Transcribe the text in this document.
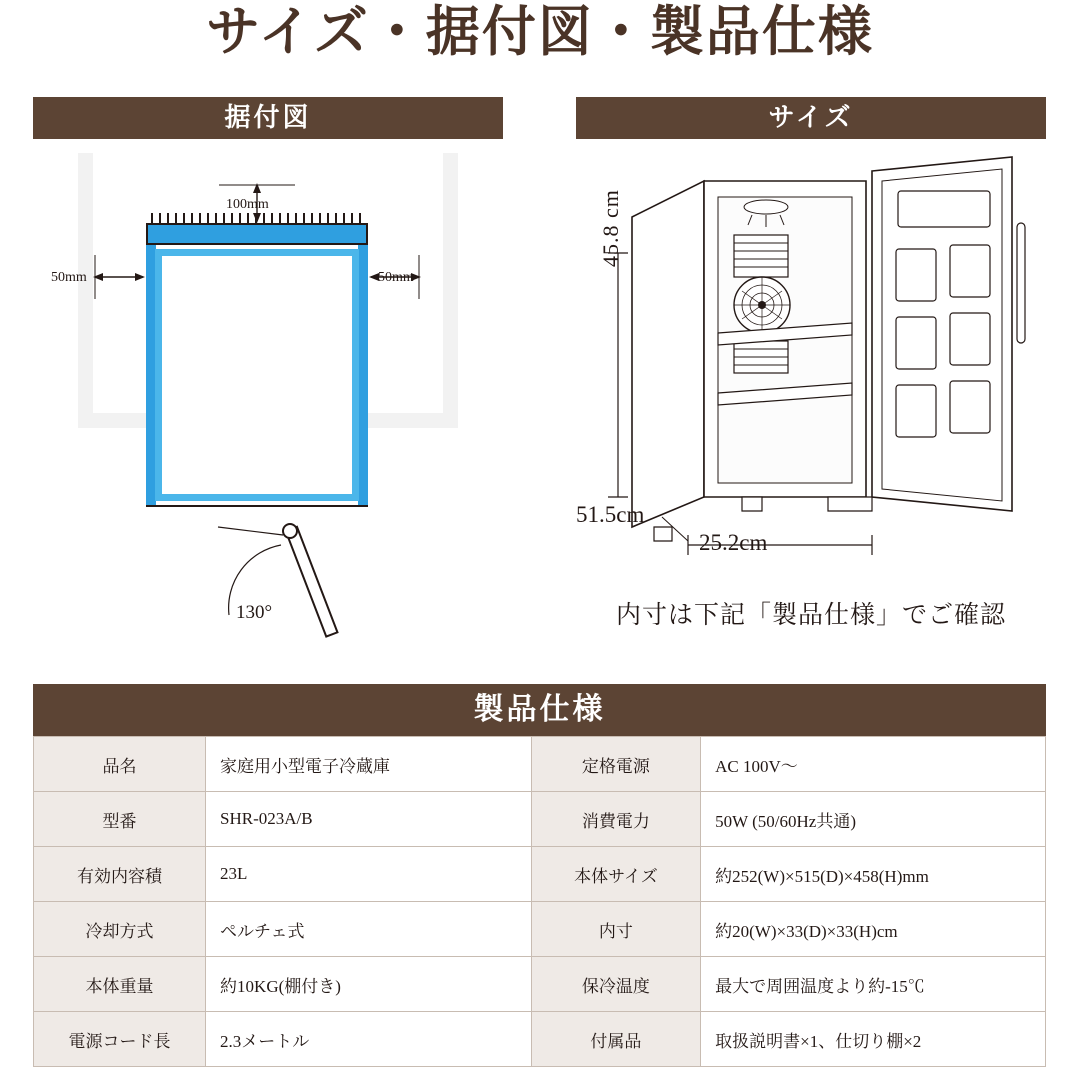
サイズ・据付図・製品仕様
据付図	サイズ
100mm
50mm	50mm
130°
45.8 cm
51.5cm
25.2cm
内寸は下記「製品仕様」でご確認
製品仕様
品名	家庭用小型電子冷蔵庫	定格電源	AC 100V〜
型番	SHR-023A/B	消費電力	50W (50/60Hz共通)
有効内容積	23L	本体サイズ	約252(W)×515(D)×458(H)mm
冷却方式	ペルチェ式	内寸	約20(W)×33(D)×33(H)cm
本体重量	約10KG(棚付き)	保冷温度	最大で周囲温度より約-15℃
電源コード長	2.3メートル	付属品	取扱説明書×1、仕切り棚×2
